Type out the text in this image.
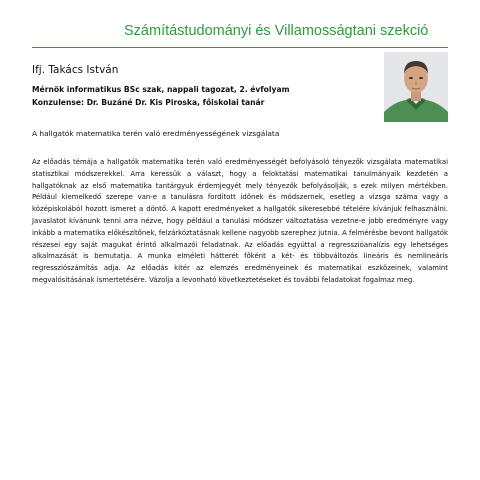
Számítástudományi és Villamosságtani szekció
Ifj. Takács István
Mérnök informatikus BSc szak, nappali tagozat, 2. évfolyam
Konzulense: Dr. Buzáné Dr. Kis Piroska, főiskolai tanár
A hallgatók matematika terén való eredményességének vizsgálata

Az előadás témája a hallgatók matematika terén való eredményességét befolyásoló tényezők vizsgálata matematikai statisztikai módszerekkel. Arra keressük a választ, hogy a feloktatási matematikai tanulmányaik kezdetén a hallgatóknak az első matematika tantárgyuk érdemjegyét mely tényezők befolyásolják, s ezek milyen mértékben. Például kiemelkedő szerepe van-e a tanulásra fordított időnek és módszernek, esetleg a vizsga száma vagy a középiskolából hozott ismeret a döntő. A kapott eredményeket a hallgatók sikeresebbé tételére kívánjuk felhasználni. Javaslatot kívánunk tenni arra nézve, hogy például a tanulási módszer változtatása vezetne-e jobb eredményre vagy inkább a matematika előkészítőnek, felzárkóztatásnak kellene nagyobb szerephez jutnia. A felmérésbe bevont hallgatók részesei egy saját magukat érintő alkalmazói feladatnak. Az előadás egyúttal a regresszióanalízis egy lehetséges alkalmazását is bemutatja. A munka elméleti hátterét főként a két- és többváltozós lineáris és nemlineáris regressziószámítás adja. Az előadás kitér az elemzés eredményeinek és matematikai eszközeinek, valamint megvalósításának ismertetésére. Vázolja a levonható következtetéseket és további feladatokat fogalmaz meg.
